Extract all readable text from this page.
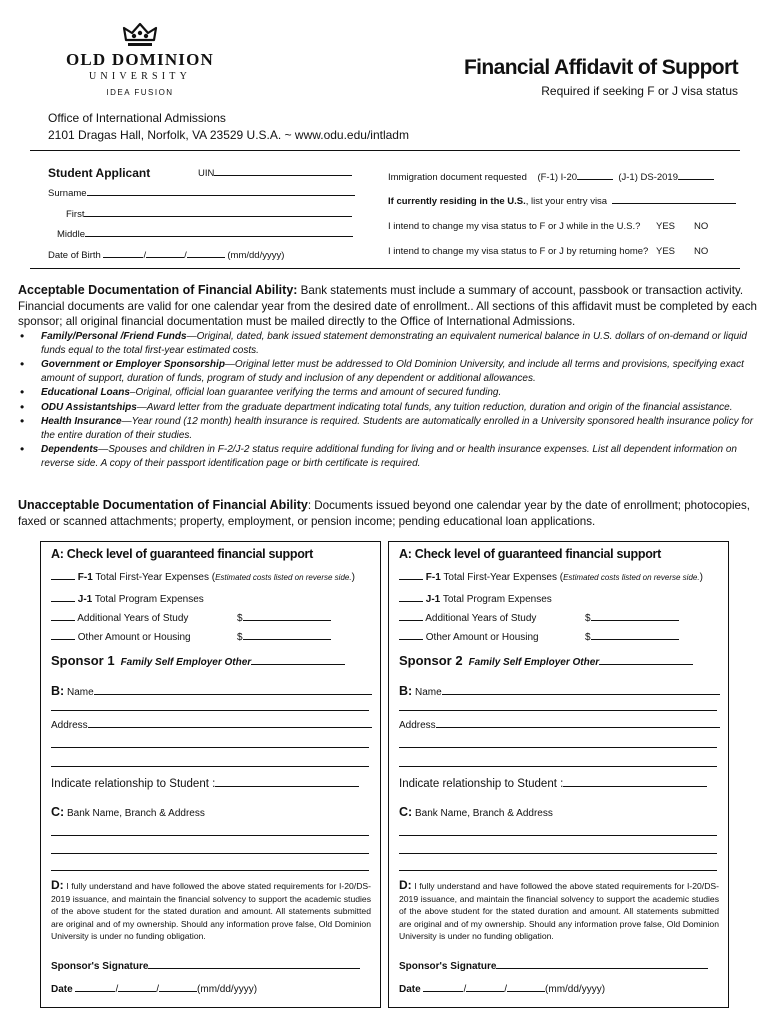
OLD DOMINION
UNIVERSITY
IDEA FUSION
Financial Affidavit of Support
Required if seeking F or J visa status
Office of International Admissions
2101 Dragas Hall, Norfolk, VA 23529 U.S.A. ~ www.odu.edu/intladm
Student Applicant	UIN
Surname
First
Middle
Date of Birth	/	/	(mm/dd/yyyy)
Immigration document requested (F-1) I-20	(J-1) DS-2019
If currently residing in the U.S., list your entry visa
I intend to change my visa status to F or J while in the U.S.? YES NO
I intend to change my visa status to F or J by returning home? YES NO
Acceptable Documentation of Financial Ability: Bank statements must include a summary of account, passbook or transaction activity. Financial documents are valid for one calendar year from the desired date of enrollment.. All sections of this affidavit must be completed by each sponsor; all original financial documentation must be mailed directly to the Office of International Admissions.
• Family/Personal /Friend Funds—Original, dated, bank issued statement demonstrating an equivalent numerical balance in U.S. dollars of on-demand or liquid funds equal to the total first-year estimated costs.
• Government or Employer Sponsorship—Original letter must be addressed to Old Dominion University, and include all terms and provisions, specifying exact amount of support, duration of funds, program of study and inclusion of any dependent or additional allowances.
• Educational Loans–Original, official loan guarantee verifying the terms and amount of secured funding.
• ODU Assistantships—Award letter from the graduate department indicating total funds, any tuition reduction, duration and origin of the financial assistance.
• Health Insurance—Year round (12 month) health insurance is required. Students are automatically enrolled in a University sponsored health insurance policy for the entire duration of their studies.
• Dependents—Spouses and children in F-2/J-2 status require additional funding for living and or health insurance expenses. List all dependent information on reverse side. A copy of their passport identification page or birth certificate is required.
Unacceptable Documentation of Financial Ability: Documents issued beyond one calendar year by the date of enrollment; photocopies, faxed or scanned attachments; property, employment, or pension income; pending educational loan applications.
A: Check level of guaranteed financial support
F-1 Total First-Year Expenses (Estimated costs listed on reverse side.)
J-1 Total Program Expenses
Additional Years of Study	$
Other Amount or Housing	$
Sponsor 1 Family Self Employer Other
B: Name
Address
Indicate relationship to Student :
C: Bank Name, Branch & Address
D: I fully understand and have followed the above stated requirements for I-20/DS-2019 issuance, and maintain the financial solvency to support the academic studies of the above student for the stated duration and amount. All statements submitted are original and of my ownership. Should any information prove false, Old Dominion University is under no funding obligation.
Sponsor's Signature
Date	/	/	(mm/dd/yyyy)
A: Check level of guaranteed financial support
F-1 Total First-Year Expenses (Estimated costs listed on reverse side.)
J-1 Total Program Expenses
Additional Years of Study	$
Other Amount or Housing	$
Sponsor 2 Family Self Employer Other
B: Name
Address
Indicate relationship to Student :
C: Bank Name, Branch & Address
D: I fully understand and have followed the above stated requirements for I-20/DS-2019 issuance, and maintain the financial solvency to support the academic studies of the above student for the stated duration and amount. All statements submitted are original and of my ownership. Should any information prove false, Old Dominion University is under no funding obligation.
Sponsor's Signature
Date	/	/	(mm/dd/yyyy)
